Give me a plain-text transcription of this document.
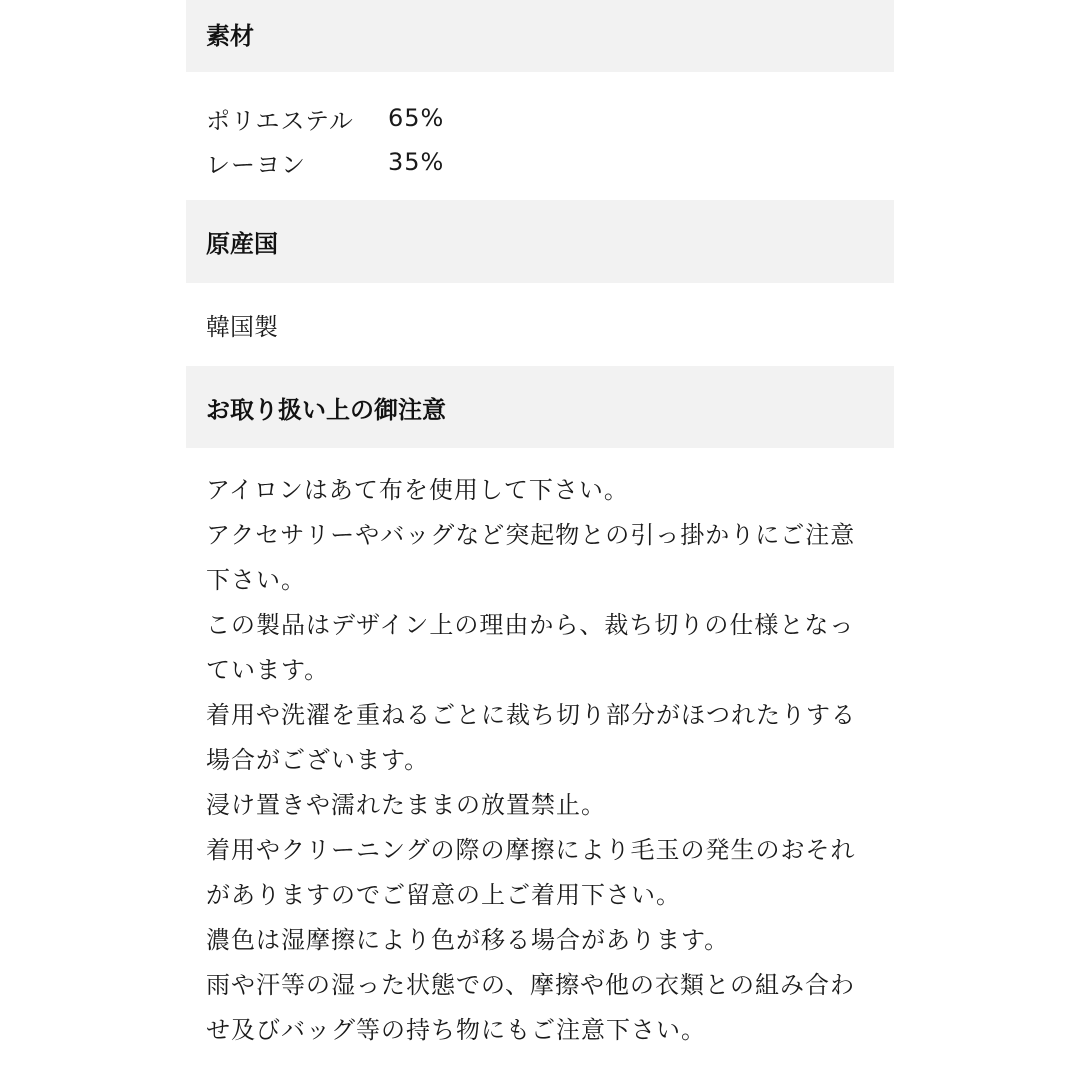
素材
ポリエステル	65%
レーヨン	35%
原産国
韓国製
お取り扱い上の御注意
アイロンはあて布を使用して下さい。
アクセサリーやバッグなど突起物との引っ掛かりにご注意下さい。
この製品はデザイン上の理由から、裁ち切りの仕様となっています。
着用や洗濯を重ねるごとに裁ち切り部分がほつれたりする場合がございます。
浸け置きや濡れたままの放置禁止。
着用やクリーニングの際の摩擦により毛玉の発生のおそれがありますのでご留意の上ご着用下さい。
濃色は湿摩擦により色が移る場合があります。
雨や汗等の湿った状態での、摩擦や他の衣類との組み合わせ及びバッグ等の持ち物にもご注意下さい。
